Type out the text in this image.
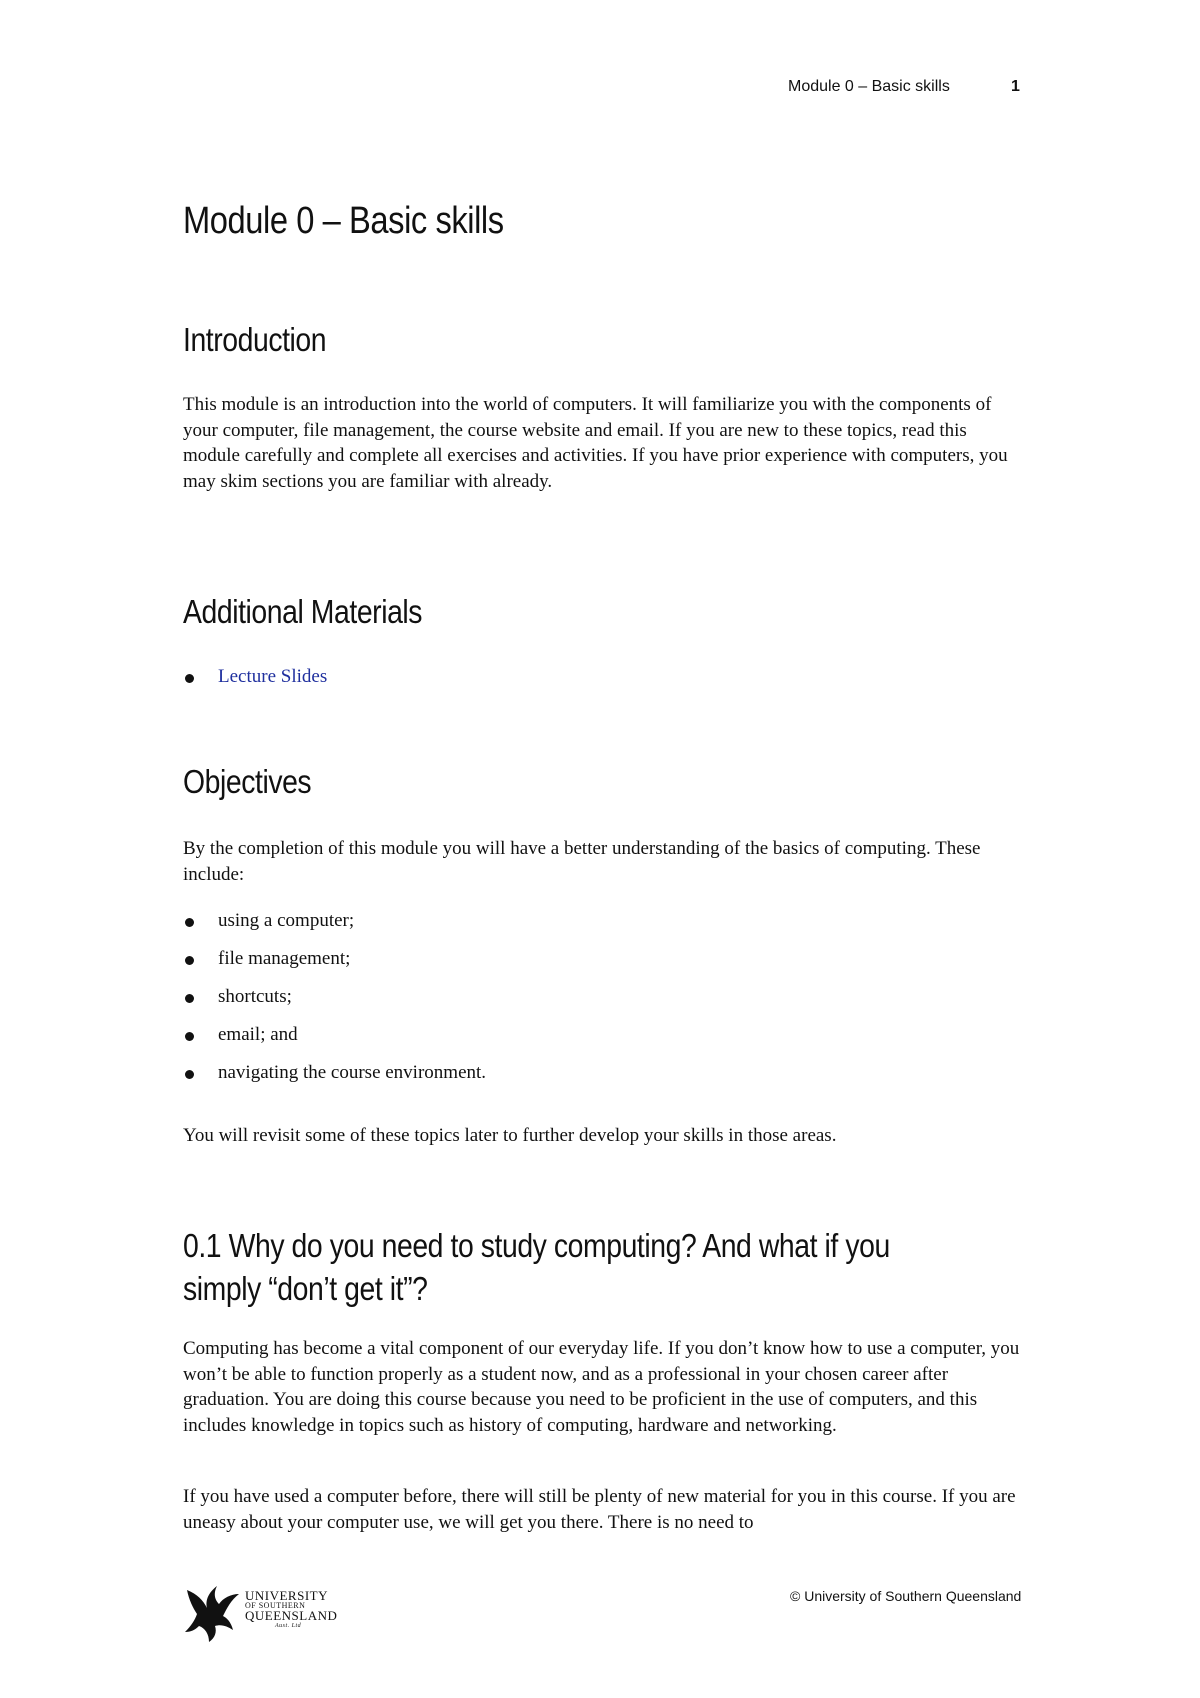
Module 0 – Basic skills	1
Module 0 – Basic skills
Introduction

This module is an introduction into the world of computers. It will familiarize you with the components of your computer, file management, the course website and email. If you are new to these topics, read this module carefully and complete all exercises and activities. If you have prior experience with computers, you may skim sections you are familiar with already.

Additional Materials
Lecture Slides
Objectives

By the completion of this module you will have a better understanding of the basics of computing. These include:

using a computer;
file management;
shortcuts;
email; and
navigating the course environment.

You will revisit some of these topics later to further develop your skills in those areas.

0.1 Why do you need to study computing? And what if you simply “don’t get it”?

Computing has become a vital component of our everyday life. If you don’t know how to use a computer, you won’t be able to function properly as a student now, and as a professional in your chosen career after graduation. You are doing this course because you need to be proficient in the use of computers, and this includes knowledge in topics such as history of computing, hardware and networking.

If you have used a computer before, there will still be plenty of new material for you in this course. If you are uneasy about your computer use, we will get you there. There is no need to

UNIVERSITY
OF SOUTHERN
QUEENSLAND
Aust. Ltd
© University of Southern Queensland
